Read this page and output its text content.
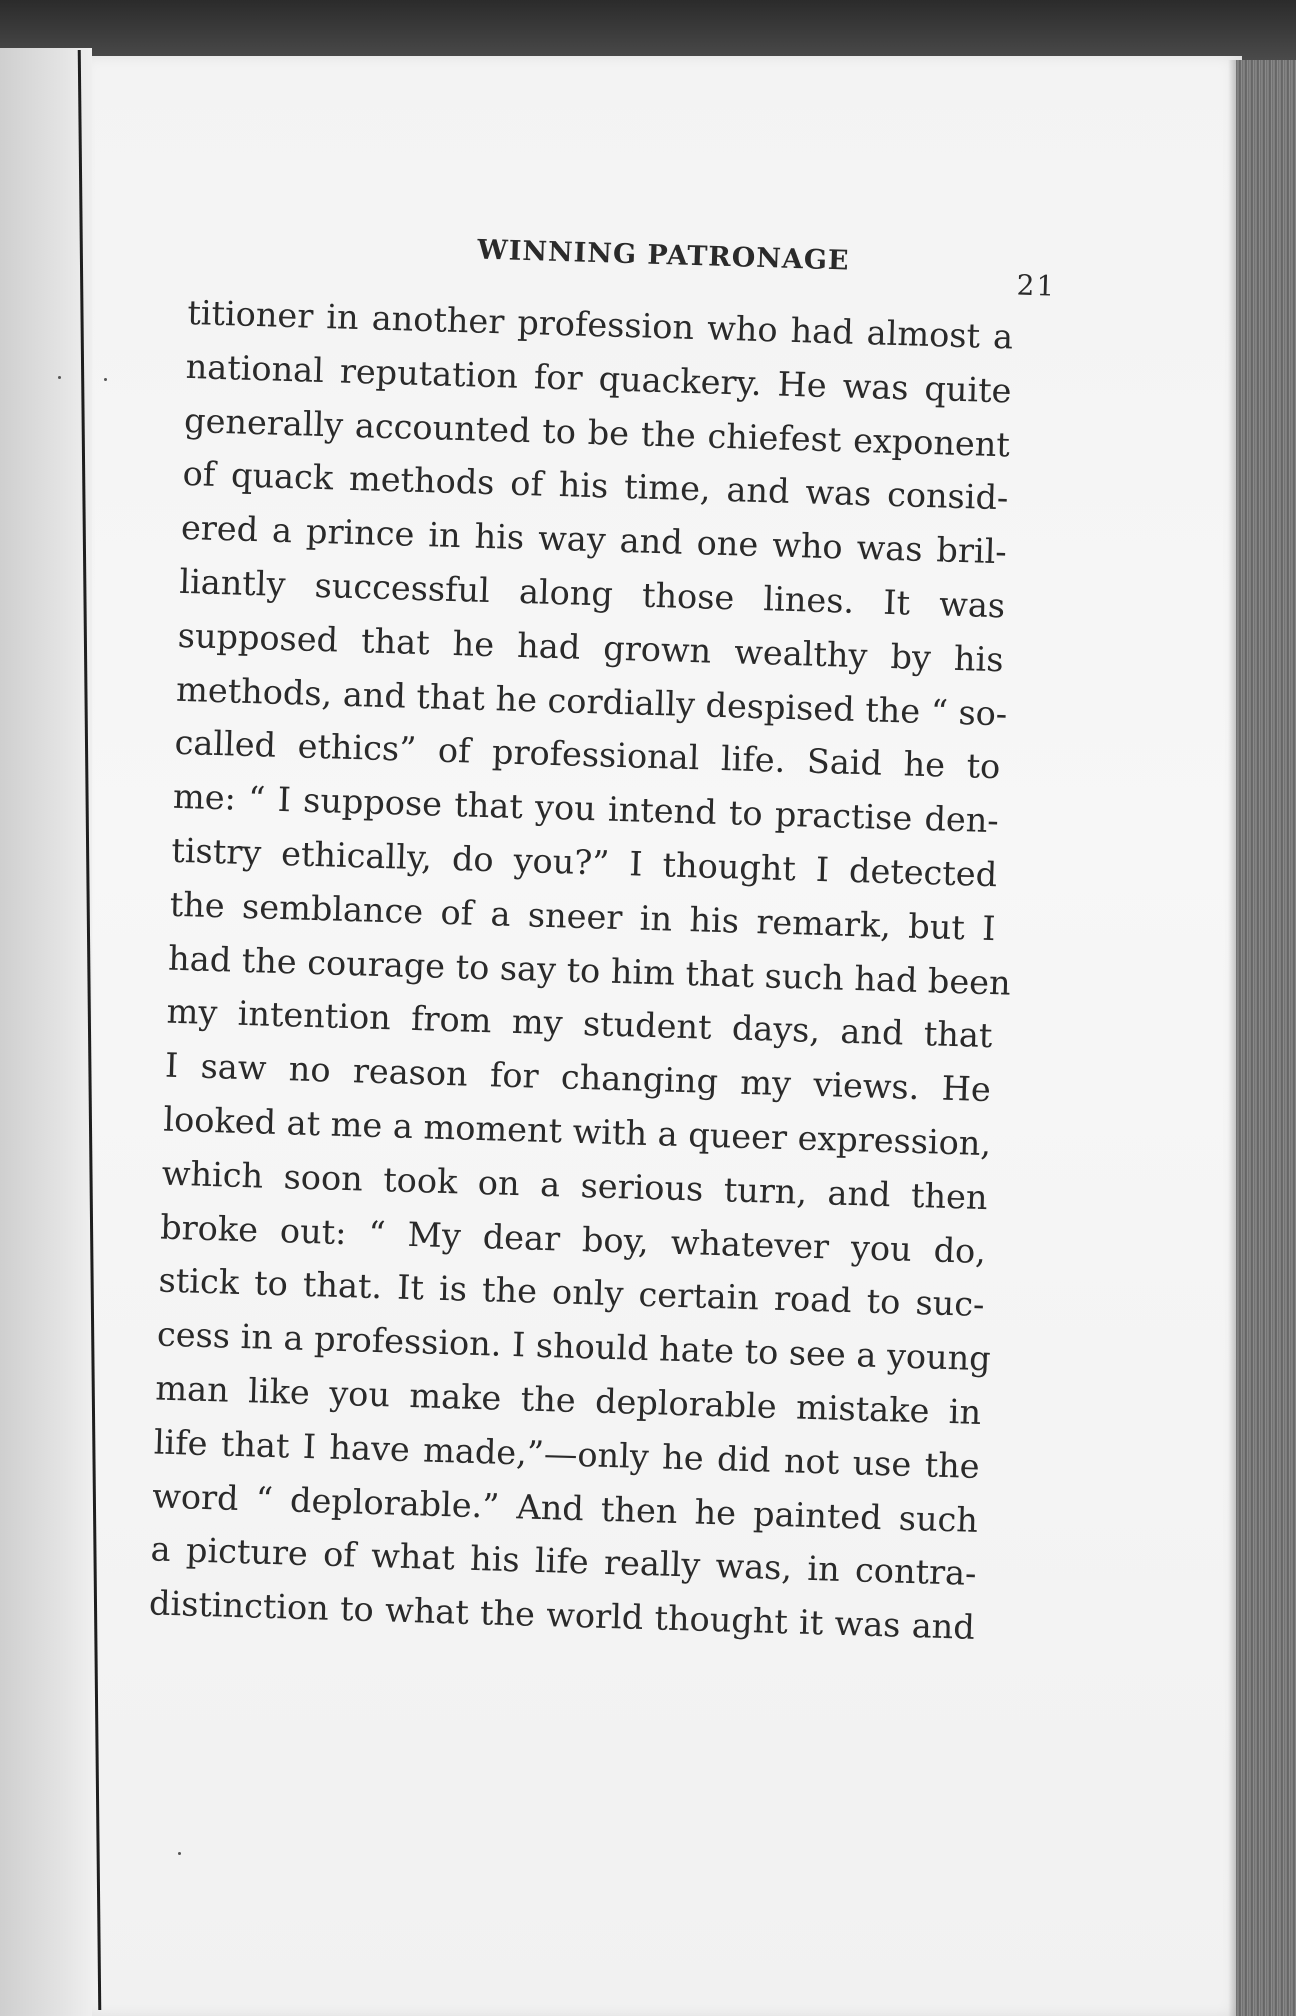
WINNING PATRONAGE
21
titioner in another profession who had almost a
national reputation for quackery. He was quite
generally accounted to be the chiefest exponent
of quack methods of his time, and was consid-
ered a prince in his way and one who was bril-
liantly successful along those lines. It was
supposed that he had grown wealthy by his
methods, and that he cordially despised the “ so-
called ethics” of professional life. Said he to
me: “ I suppose that you intend to practise den-
tistry ethically, do you?” I thought I detected
the semblance of a sneer in his remark, but I
had the courage to say to him that such had been
my intention from my student days, and that
I saw no reason for changing my views. He
looked at me a moment with a queer expression,
which soon took on a serious turn, and then
broke out: “ My dear boy, whatever you do,
stick to that. It is the only certain road to suc-
cess in a profession. I should hate to see a young
man like you make the deplorable mistake in
life that I have made,”—only he did not use the
word “ deplorable.” And then he painted such
a picture of what his life really was, in contra-
distinction to what the world thought it was and
